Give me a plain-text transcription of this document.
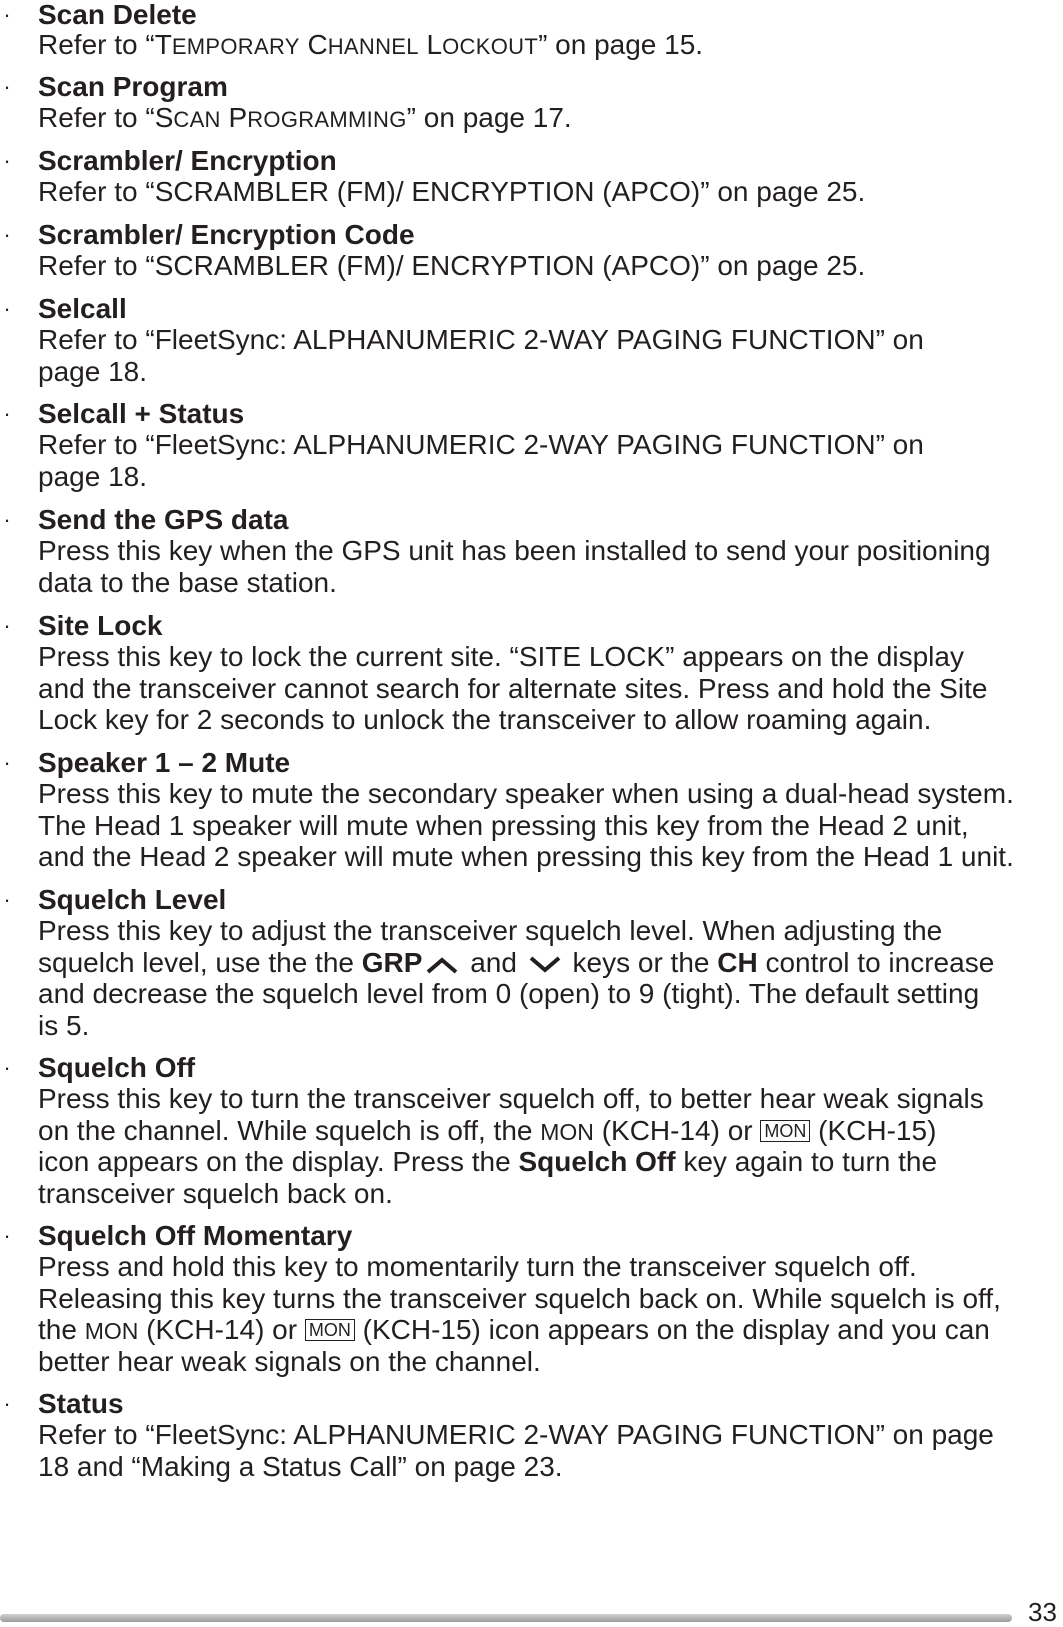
· Scan Delete
Refer to “TEMPORARY CHANNEL LOCKOUT” on page 15.
· Scan Program
Refer to “SCAN PROGRAMMING” on page 17.
· Scrambler/ Encryption
Refer to “SCRAMBLER (FM)/ ENCRYPTION (APCO)” on page 25.
· Scrambler/ Encryption Code
Refer to “SCRAMBLER (FM)/ ENCRYPTION (APCO)” on page 25.
· Selcall
Refer to “FleetSync: ALPHANUMERIC 2-WAY PAGING FUNCTION” on
page 18.
· Selcall + Status
Refer to “FleetSync: ALPHANUMERIC 2-WAY PAGING FUNCTION” on
page 18.
· Send the GPS data
Press this key when the GPS unit has been installed to send your positioning
data to the base station.
· Site Lock
Press this key to lock the current site. “SITE LOCK” appears on the display
and the transceiver cannot search for alternate sites. Press and hold the Site
Lock key for 2 seconds to unlock the transceiver to allow roaming again.
· Speaker 1 – 2 Mute
Press this key to mute the secondary speaker when using a dual-head system.
The Head 1 speaker will mute when pressing this key from the Head 2 unit,
and the Head 2 speaker will mute when pressing this key from the Head 1 unit.
· Squelch Level
Press this key to adjust the transceiver squelch level. When adjusting the
squelch level, use the the GRP and  keys or the CH control to increase
and decrease the squelch level from 0 (open) to 9 (tight). The default setting
is 5.
· Squelch Off
Press this key to turn the transceiver squelch off, to better hear weak signals
on the channel. While squelch is off, the MON (KCH-14) or MON (KCH-15)
icon appears on the display. Press the Squelch Off key again to turn the
transceiver squelch back on.
· Squelch Off Momentary
Press and hold this key to momentarily turn the transceiver squelch off.
Releasing this key turns the transceiver squelch back on. While squelch is off,
the MON (KCH-14) or MON (KCH-15) icon appears on the display and you can
better hear weak signals on the channel.
· Status
Refer to “FleetSync: ALPHANUMERIC 2-WAY PAGING FUNCTION” on page
18 and “Making a Status Call” on page 23.
33
